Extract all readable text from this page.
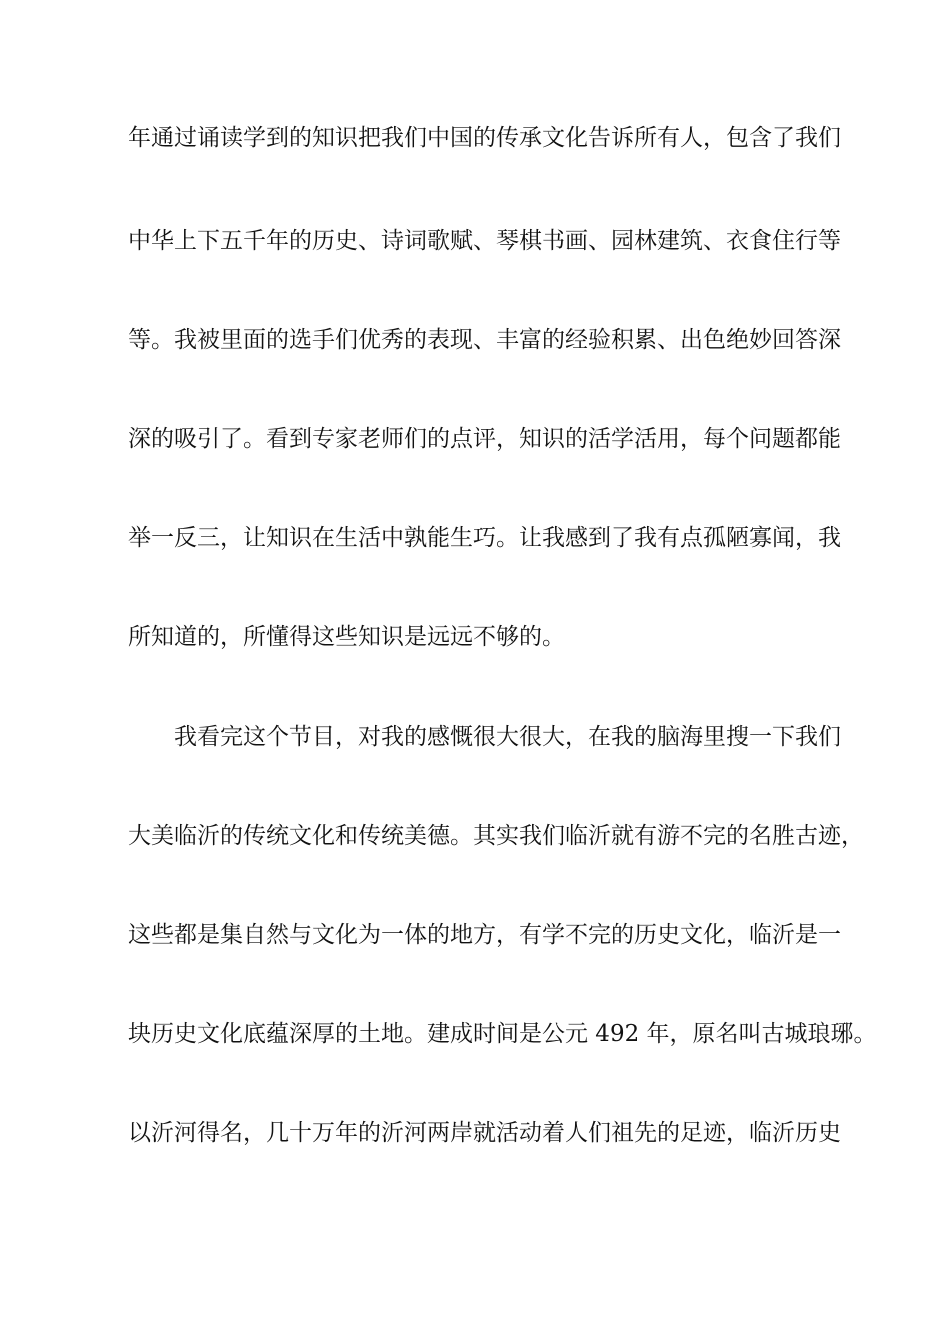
年通过诵读学到的知识把我们中国的传承文化告诉所有人，包含了我们
中华上下五千年的历史、诗词歌赋、琴棋书画、园林建筑、衣食住行等
等。我被里面的选手们优秀的表现、丰富的经验积累、出色绝妙回答深
深的吸引了。看到专家老师们的点评，知识的活学活用，每个问题都能
举一反三，让知识在生活中孰能生巧。让我感到了我有点孤陋寡闻，我
所知道的，所懂得这些知识是远远不够的。
我看完这个节目，对我的感慨很大很大，在我的脑海里搜一下我们
大美临沂的传统文化和传统美德。其实我们临沂就有游不完的名胜古迹，
这些都是集自然与文化为一体的地方，有学不完的历史文化，临沂是一
块历史文化底蕴深厚的土地。建成时间是公元 492 年，原名叫古城琅琊。
以沂河得名，几十万年的沂河两岸就活动着人们祖先的足迹，临沂历史
